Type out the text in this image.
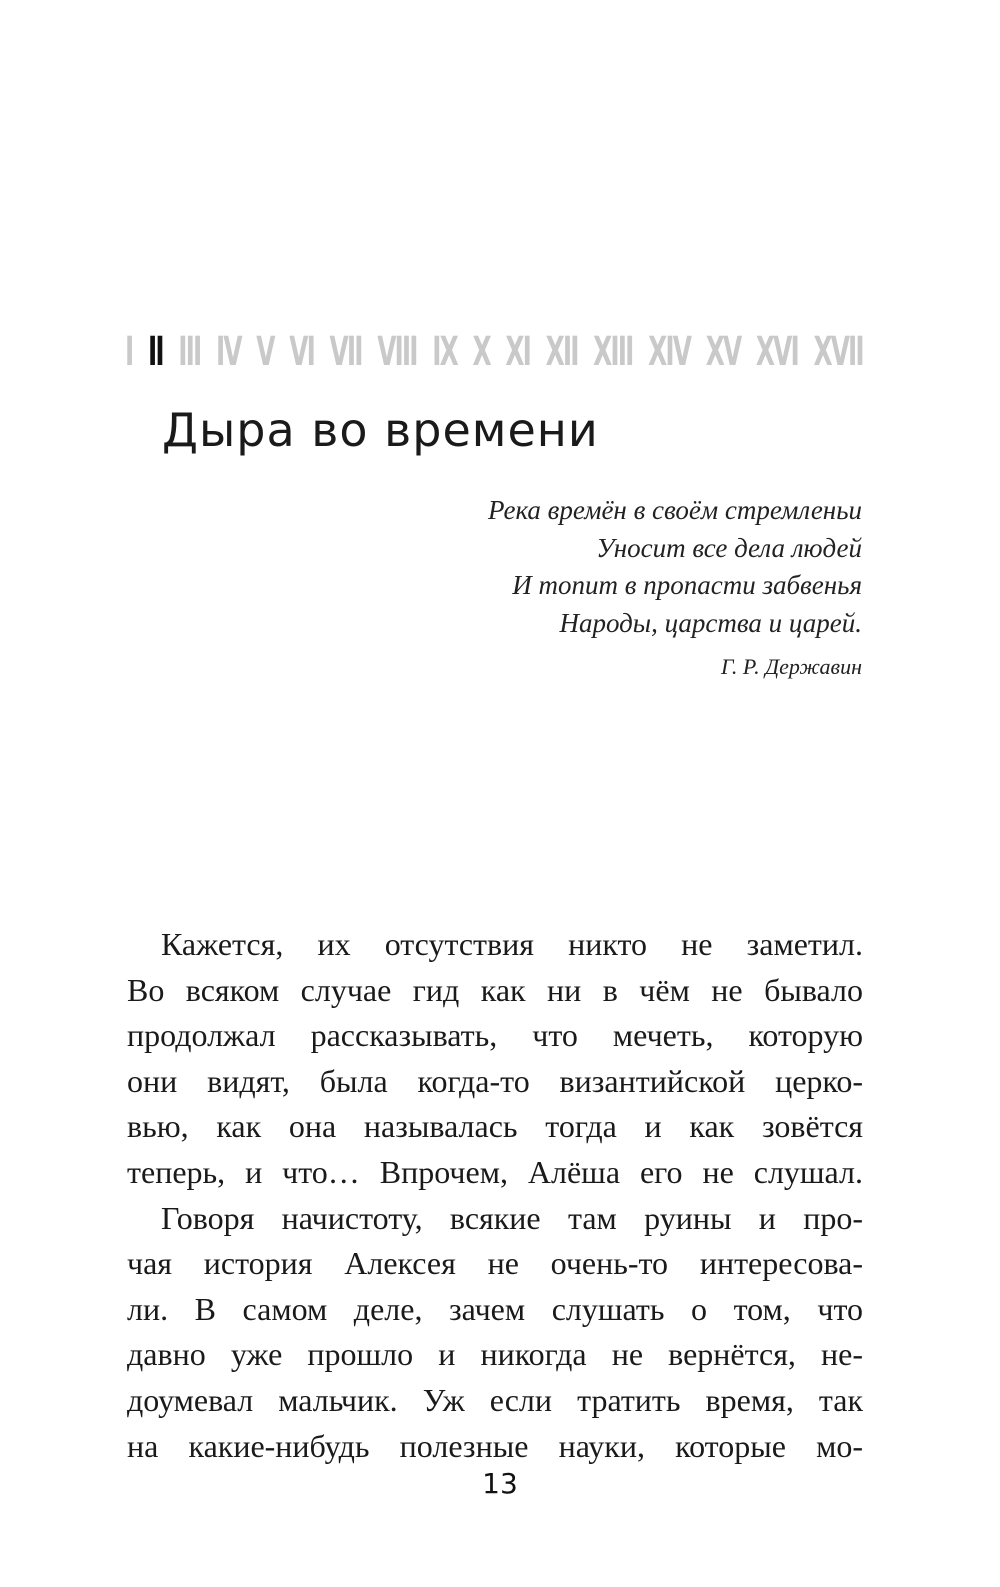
I II III IV V VI VII VIII IX X XI XII XIII XIV XV XVI XVII
Дыра во времени
Река времён в своём стремленьи
Уносит все дела людей
И топит в пропасти забвенья
Народы, царства и царей.
Г. Р. Державин
Кажется, их отсутствия никто не заметил.
Во всяком случае гид как ни в чём не бывало
продолжал рассказывать, что мечеть, которую
они видят, была когда-то византийской церко-
вью, как она называлась тогда и как зовётся
теперь, и что… Впрочем, Алёша его не слушал.
Говоря начистоту, всякие там руины и про-
чая история Алексея не очень-то интересова-
ли. В самом деле, зачем слушать о том, что
давно уже прошло и никогда не вернётся, не-
доумевал мальчик. Уж если тратить время, так
на какие-нибудь полезные науки, которые мо-
13
